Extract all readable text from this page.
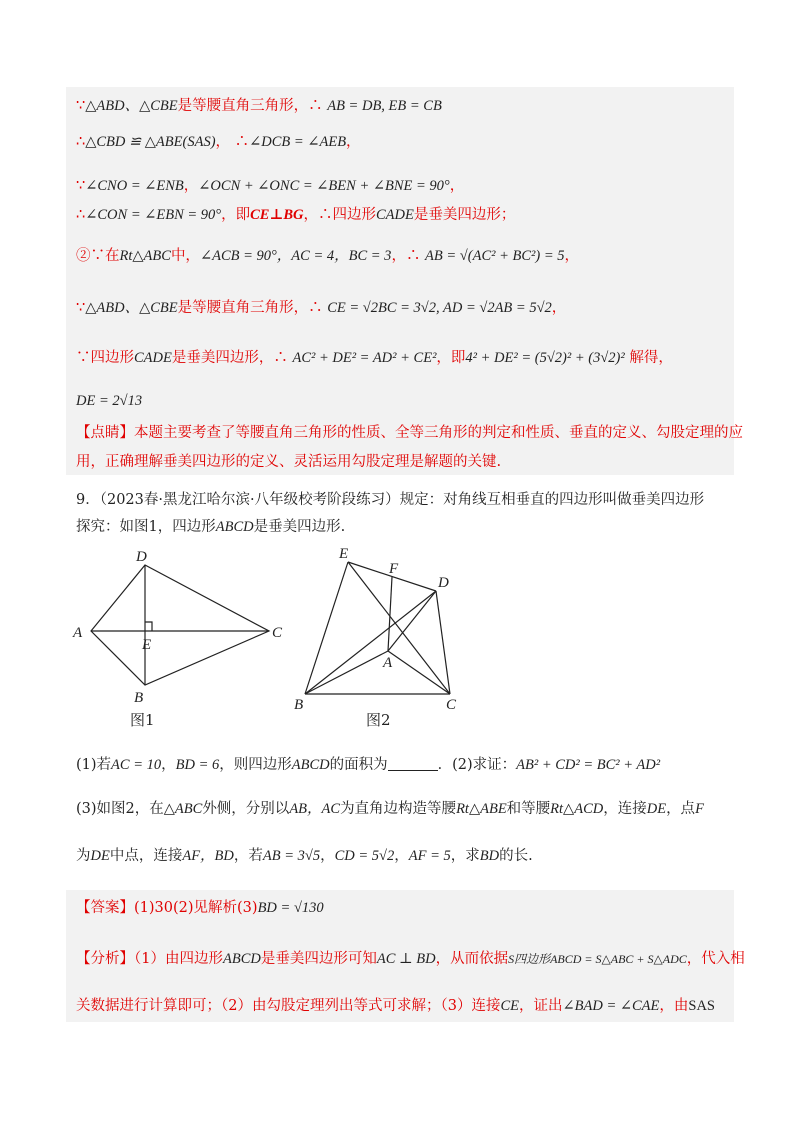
∵△ABD、△CBE是等腰直角三角形，∴ AB = DB, EB = CB
∴△CBD ≌ △ABE(SAS)， ∴∠DCB = ∠AEB，
∵∠CNO = ∠ENB，∠OCN + ∠ONC = ∠BEN + ∠BNE = 90°，
∴∠CON = ∠EBN = 90°，即CE⊥BG，∴四边形CADE是垂美四边形；
②∵在Rt△ABC中，∠ACB = 90°，AC = 4，BC = 3，∴ AB = √(AC² + BC²) = 5，
∵△ABD、△CBE是等腰直角三角形，∴ CE = √2BC = 3√2, AD = √2AB = 5√2，
∵四边形CADE是垂美四边形，∴ AC² + DE² = AD² + CE²，即4² + DE² = (5√2)² + (3√2)² 解得，
DE = 2√13
【点睛】本题主要考查了等腰直角三角形的性质、全等三角形的判定和性质、垂直的定义、勾股定理的应
用，正确理解垂美四边形的定义、灵活运用勾股定理是解题的关键.
9．（2023春·黑龙江哈尔滨·八年级校考阶段练习）规定：对角线互相垂直的四边形叫做垂美四边形
探究：如图1，四边形ABCD是垂美四边形.
D
A	C
E
B
图1
E
F
D
A
B	C
图2
(1)若AC = 10，BD = 6，则四边形ABCD的面积为	．(2)求证：AB² + CD² = BC² + AD²
(3)如图2，在△ABC外侧，分别以AB，AC为直角边构造等腰Rt△ABE和等腰Rt△ACD，连接DE，点F
为DE中点，连接AF，BD，若AB = 3√5，CD = 5√2，AF = 5，求BD的长.
【答案】(1)30(2)见解析(3)BD = √130
【分析】（1）由四边形ABCD是垂美四边形可知AC ⊥ BD，从而依据S四边形ABCD = S△ABC + S△ADC，代入相
关数据进行计算即可；（2）由勾股定理列出等式可求解；（3）连接CE，证出∠BAD = ∠CAE，由SAS
